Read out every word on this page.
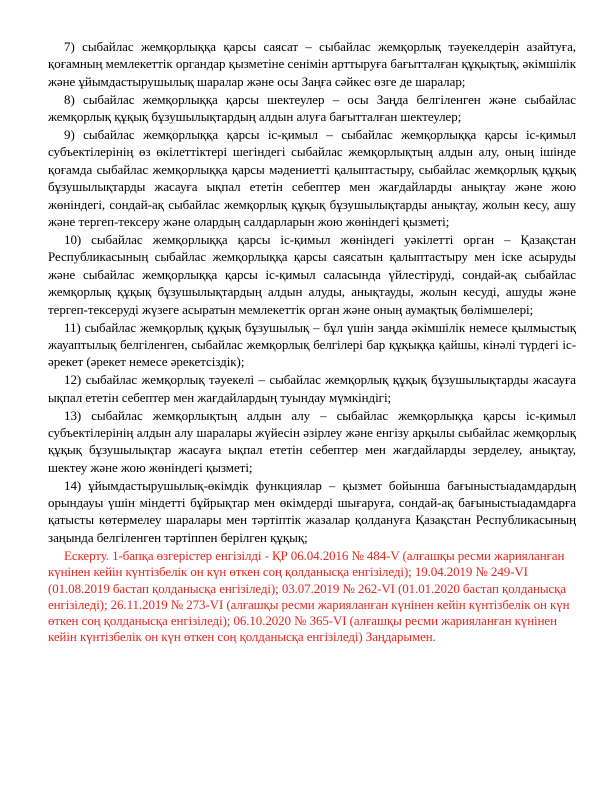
7) сыбайлас жемқорлыққа қарсы саясат – сыбайлас жемқорлық тәуекелдерін азайтуға, қоғамның мемлекеттік органдар қызметіне сенімін арттыруға бағытталған құқықтық, әкімшілік және ұйымдастырушылық шаралар және осы Заңға сәйкес өзге де шаралар;

8) сыбайлас жемқорлыққа қарсы шектеулер – осы Заңда белгіленген және сыбайлас жемқорлық құқық бұзушылықтардың алдын алуға бағытталған шектеулер;

9) сыбайлас жемқорлыққа қарсы іс-қимыл – сыбайлас жемқорлыққа қарсы іс-қимыл субъектілерінің өз өкілеттіктері шегіндегі сыбайлас жемқорлықтың алдын алу, оның ішінде қоғамда сыбайлас жемқорлыққа қарсы мәдениетті қалыптастыру, сыбайлас жемқорлық құқық бұзушылықтарды жасауға ықпал ететін себептер мен жағдайларды анықтау және жою жөніндегі, сондай-ақ сыбайлас жемқорлық құқық бұзушылықтарды анықтау, жолын кесу, ашу және тергеп-тексеру және олардың салдарларын жою жөніндегі қызметі;

10) сыбайлас жемқорлыққа қарсы іс-қимыл жөніндегі уәкілетті орган – Қазақстан Республикасының сыбайлас жемқорлыққа қарсы саясатын қалыптастыру мен іске асыруды және сыбайлас жемқорлыққа қарсы іс-қимыл саласында үйлестіруді, сондай-ақ сыбайлас жемқорлық құқық бұзушылықтардың алдын алуды, анықтауды, жолын кесуді, ашуды және тергеп-тексеруді жүзеге асыратын мемлекеттік орган және оның аумақтық бөлімшелері;

11) сыбайлас жемқорлық құқық бұзушылық – бұл үшін заңда әкімшілік немесе қылмыстық жауаптылық белгіленген, сыбайлас жемқорлық белгілері бар құқыққа қайшы, кінәлі түрдегі іс-әрекет (әрекет немесе әрекетсіздік);

12) сыбайлас жемқорлық тәуекелі – сыбайлас жемқорлық құқық бұзушылықтарды жасауға ықпал ететін себептер мен жағдайлардың туындау мүмкіндігі;

13) сыбайлас жемқорлықтың алдын алу – сыбайлас жемқорлыққа қарсы іс-қимыл субъектілерінің алдын алу шаралары жүйесін әзірлеу және енгізу арқылы сыбайлас жемқорлық құқық бұзушылықтар жасауға ықпал ететін себептер мен жағдайларды зерделеу, анықтау, шектеу және жою жөніндегі қызметі;

14) ұйымдастырушылық-өкімдік функциялар – қызмет бойынша бағыныстыадамдардың орындауы үшін міндетті бұйрықтар мен өкімдерді шығаруға, сондай-ақ бағыныстыадамдарға қатысты көтермелеу шаралары мен тәртіптік жазалар қолдануға Қазақстан Республикасының заңында белгіленген тәртіппен берілген құқық;

Ескерту. 1-бапқа өзгерістер енгізілді - ҚР 06.04.2016 № 484-V (алғашқы ресми жарияланған күнінен кейін күнтізбелік он күн өткен соң қолданысқа енгізіледі); 19.04.2019 № 249-VI (01.08.2019 бастап қолданысқа енгізіледі); 03.07.2019 № 262-VI (01.01.2020 бастап қолданысқа енгізіледі); 26.11.2019 № 273-VI (алғашқы ресми жарияланған күнінен кейін күнтізбелік он күн өткен соң қолданысқа енгізіледі); 06.10.2020 № 365-VI (алғашқы ресми жарияланған күнінен кейін күнтізбелік он күн өткен соң қолданысқа енгізіледі) Заңдарымен.
